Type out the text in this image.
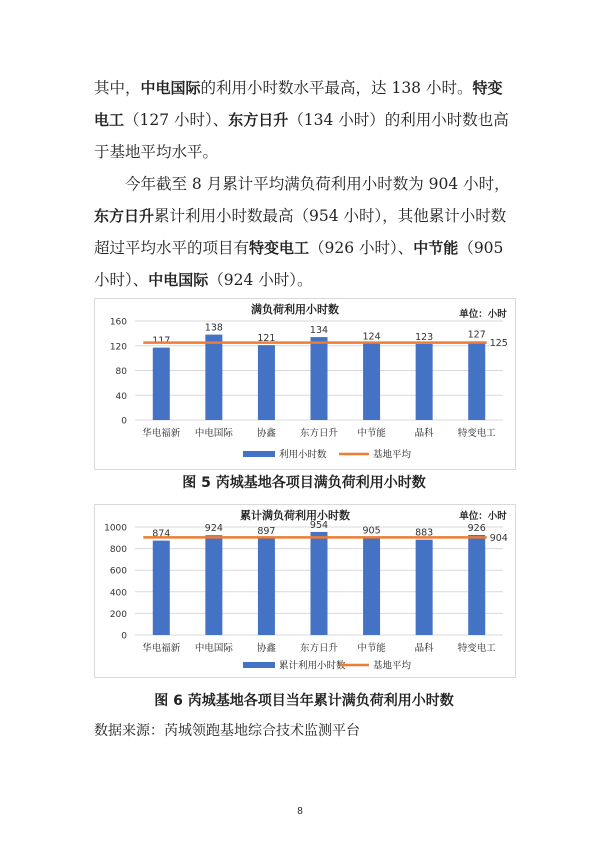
其中，中电国际的利用小时数水平最高，达 138 小时。特变电工（127 小时）、东方日升（134 小时）的利用小时数也高于基地平均水平。

今年截至 8 月累计平均满负荷利用小时数为 904 小时，东方日升累计利用小时数最高（954 小时），其他累计小时数超过平均水平的项目有特变电工（926 小时）、中节能（905 小时）、中电国际（924 小时）。

满负荷利用小时数	单位：小时
0
40
80
120
160
117
华电福新
138
中电国际
121
协鑫
134
东方日升
124
中节能
123
晶科
127
特变电工
125
利用小时数	基地平均

图 5 芮城基地各项目满负荷利用小时数

累计满负荷利用小时数	单位：小时
0
200
400
600
800
1000
874
华电福新
924
中电国际
897
协鑫
954
东方日升
905
中节能
883
晶科
926
特变电工
904
累计利用小时数	基地平均

图 6 芮城基地各项目当年累计满负荷利用小时数

数据来源：芮城领跑基地综合技术监测平台

8
